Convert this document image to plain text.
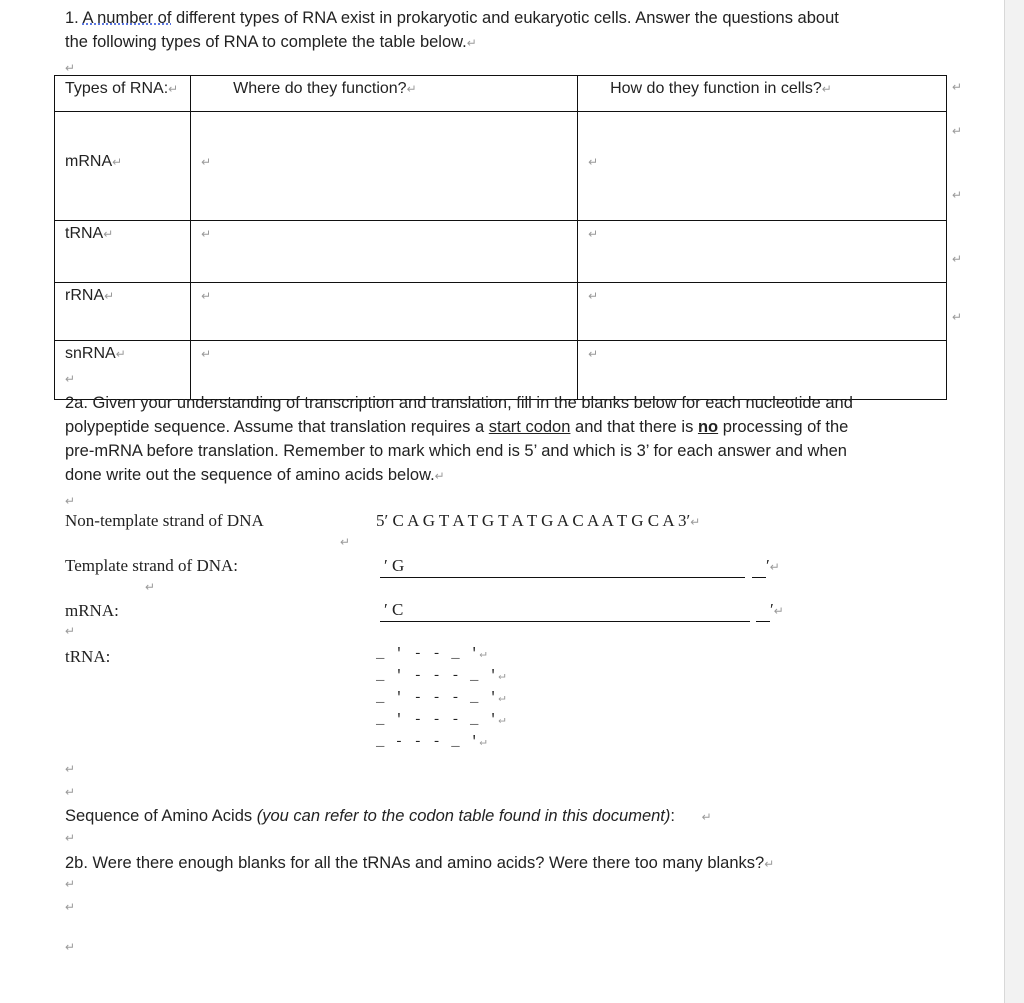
1. A number of different types of RNA exist in prokaryotic and eukaryotic cells. Answer the questions about
the following types of RNA to complete the table below.↵
↵
Types of RNA:↵	Where do they function?↵	How do they function in cells?↵

mRNA↵	↵	↵
tRNA↵	↵	↵
rRNA↵	↵	↵
snRNA↵	↵	↵
↵
↵
↵
↵
↵
↵
2a. Given your understanding of transcription and translation, fill in the blanks below for each nucleotide and
polypeptide sequence. Assume that translation requires a start codon and that there is no processing of the
pre-mRNA before translation. Remember to mark which end is 5’ and which is 3’ for each answer and when
done write out the sequence of amino acids below.↵
↵
Non-template strand of DNA	5′ C A G T A T G T A T G A C A A T G C A 3′↵
↵
Template strand of DNA:	′ G	′↵
↵
mRNA:	′ C	′↵
↵
tRNA:	_ ′ - - _ ′↵
_ ′ - - - _ ′↵
_ ′ - - - _ ′↵
_ ′ - - - _ ′↵
_ - - - _ ′↵
↵
↵
Sequence of Amino Acids (you can refer to the codon table found in this document): ↵
↵
2b. Were there enough blanks for all the tRNAs and amino acids? Were there too many blanks?↵
↵
↵
↵
